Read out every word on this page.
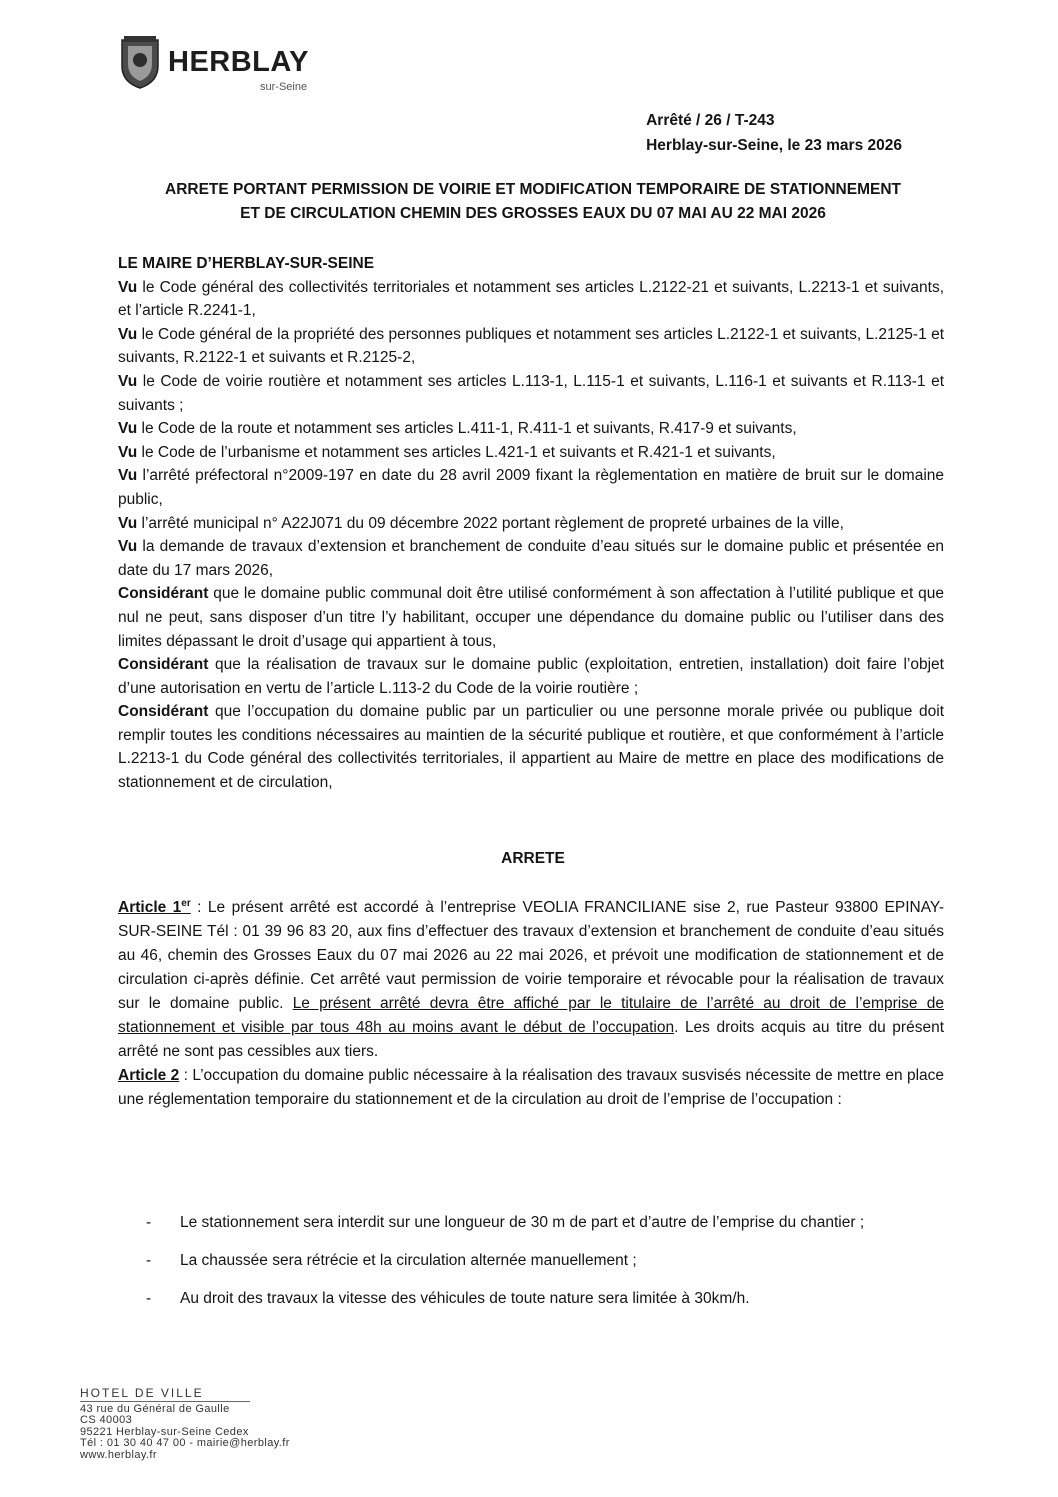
HERBLAY
sur-Seine
Arrêté / 26 / T-243
Herblay-sur-Seine, le 23 mars 2026
ARRETE PORTANT PERMISSION DE VOIRIE ET MODIFICATION TEMPORAIRE DE STATIONNEMENT
ET DE CIRCULATION CHEMIN DES GROSSES EAUX DU 07 MAI AU 22 MAI 2026

LE MAIRE D’HERBLAY-SUR-SEINE

Vu le Code général des collectivités territoriales et notamment ses articles L.2122-21 et suivants, L.2213-1 et suivants, et l’article R.2241-1,

Vu le Code général de la propriété des personnes publiques et notamment ses articles L.2122-1 et suivants, L.2125-1 et suivants, R.2122-1 et suivants et R.2125-2,

Vu le Code de voirie routière et notamment ses articles L.113-1, L.115-1 et suivants, L.116-1 et suivants et R.113-1 et suivants ;

Vu le Code de la route et notamment ses articles L.411-1, R.411-1 et suivants, R.417-9 et suivants,

Vu le Code de l’urbanisme et notamment ses articles L.421-1 et suivants et R.421-1 et suivants,

Vu l’arrêté préfectoral n°2009-197 en date du 28 avril 2009 fixant la règlementation en matière de bruit sur le domaine public,

Vu l’arrêté municipal n° A22J071 du 09 décembre 2022 portant règlement de propreté urbaines de la ville,

Vu la demande de travaux d’extension et branchement de conduite d’eau situés sur le domaine public et présentée en date du 17 mars 2026,

Considérant que le domaine public communal doit être utilisé conformément à son affectation à l’utilité publique et que nul ne peut, sans disposer d’un titre l’y habilitant, occuper une dépendance du domaine public ou l’utiliser dans des limites dépassant le droit d’usage qui appartient à tous,

Considérant que la réalisation de travaux sur le domaine public (exploitation, entretien, installation) doit faire l’objet d’une autorisation en vertu de l’article L.113-2 du Code de la voirie routière ;

Considérant que l’occupation du domaine public par un particulier ou une personne morale privée ou publique doit remplir toutes les conditions nécessaires au maintien de la sécurité publique et routière, et que conformément à l’article L.2213-1 du Code général des collectivités territoriales, il appartient au Maire de mettre en place des modifications de stationnement et de circulation,

ARRETE

Article 1er : Le présent arrêté est accordé à l’entreprise VEOLIA FRANCILIANE sise 2, rue Pasteur 93800 EPINAY-SUR-SEINE Tél : 01 39 96 83 20, aux fins d’effectuer des travaux d’extension et branchement de conduite d’eau situés au 46, chemin des Grosses Eaux du 07 mai 2026 au 22 mai 2026, et prévoit une modification de stationnement et de circulation ci-après définie. Cet arrêté vaut permission de voirie temporaire et révocable pour la réalisation de travaux sur le domaine public. Le présent arrêté devra être affiché par le titulaire de l’arrêté au droit de l’emprise de stationnement et visible par tous 48h au moins avant le début de l’occupation. Les droits acquis au titre du présent arrêté ne sont pas cessibles aux tiers.

Article 2 : L’occupation du domaine public nécessaire à la réalisation des travaux susvisés nécessite de mettre en place une réglementation temporaire du stationnement et de la circulation au droit de l’emprise de l’occupation :

- Le stationnement sera interdit sur une longueur de 30 m de part et d’autre de l’emprise du chantier ;
- La chaussée sera rétrécie et la circulation alternée manuellement ;
- Au droit des travaux la vitesse des véhicules de toute nature sera limitée à 30km/h.
HOTEL DE VILLE
43 rue du Général de Gaulle
CS 40003
95221 Herblay-sur-Seine Cedex
Tél : 01 30 40 47 00 - mairie@herblay.fr
www.herblay.fr
